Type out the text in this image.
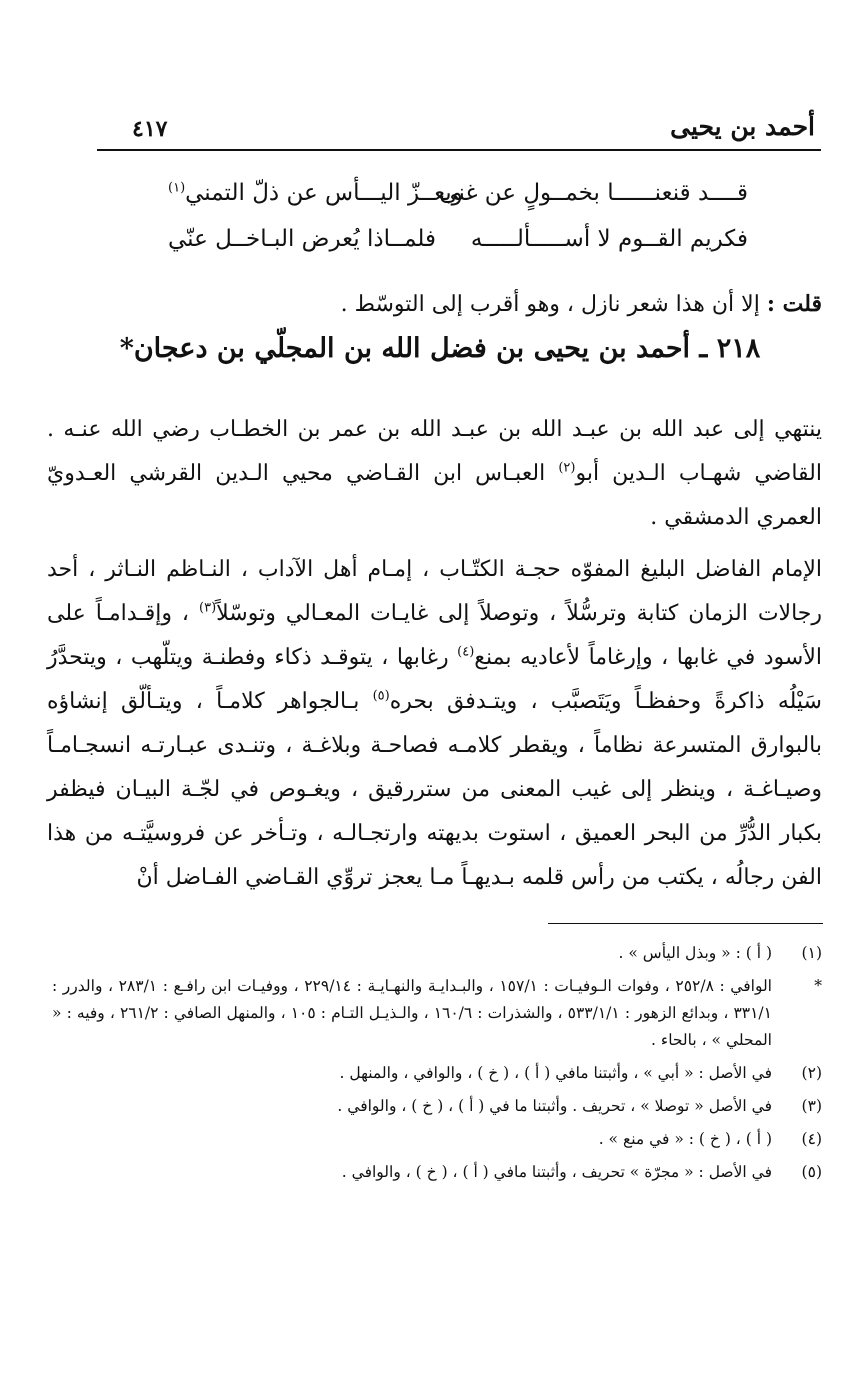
أحمد بن يحيى
٤١٧
قــــد قنعنــــــا بخمــولٍ عن غنى
وبعــزّ اليـــأس عن ذلّ التمني$^{(١)}$
فكريم القــوم لا أســـــألـــــه
فلمــاذا يُعرض البـاخــل عنّي
قلت : إلا أن هذا شعر نازل ، وهو أقرب إلى التوسّط .
٢١٨ ـ أحمد بن يحيى بن فضل الله بن المجلّي بن دعجان*
ينتهي إلى عبد الله بن عبـد الله بن عبـد الله بن عمر بن الخطـاب رضي الله عنـه . القاضي شهـاب الـدين أبو$^{(٢)}$ العبـاس ابن القـاضي محيي الـدين القرشي العـدويّ العمري الدمشقي .
الإمام الفاضل البليغ المفوّه حجـة الكتّـاب ، إمـام أهل الآداب ، النـاظم النـاثر ، أحد رجالات الزمان كتابة وترسُّلاً ، وتوصلاً إلى غايـات المعـالي وتوسّلاً$^{(٣)}$ ، وإقـدامـاً على الأسود في غابها ، وإرغاماً لأعاديه بمنع$^{(٤)}$ رغابها ، يتوقـد ذكاء وفطنـة ويتلّهب ، ويتحدَّرُ سَيْلُه ذاكرةً وحفظـاً ويَتَصبَّب ، ويتـدفق بحره$^{(٥)}$ بـالجواهر كلامـاً ، ويتـألّق إنشاؤه بالبوارق المتسرعة نظاماً ، ويقطر كلامـه فصاحـة وبلاغـة ، وتنـدى عبـارتـه انسجـامـاً وصيـاغـة ، وينظر إلى غيب المعنى من ستررقيق ، ويغـوص في لجّـة البيـان فيظفر بكبار الدُّرِّ من البحر العميق ، استوت بديهته وارتجـالـه ، وتـأخر عن فروسيَّتـه من هذا الفن رجالُه ، يكتب من رأس قلمه بـديهـاً مـا يعجز تروِّي القـاضي الفـاضل أنْ
(١)
( أ ) : « وبذل اليأس » .
*
الوافي : ٢٥٢/٨ ، وفوات الـوفيـات : ١٥٧/١ ، والبـدايـة والنهـايـة : ٢٢٩/١٤ ، ووفيـات ابن رافـع : ٢٨٣/١ ، والدرر : ٣٣١/١ ، وبدائع الزهور : ٥٣٣/١/١ ، والشذرات : ١٦٠/٦ ، والـذيـل التـام : ١٠٥ ، والمنهل الصافي : ٢٦١/٢ ، وفيه : « المحلي » ، بالحاء .
(٢)
في الأصل : « أبي » ، وأثبتنا مافي ( أ ) ، ( خ ) ، والوافي ، والمنهل .
(٣)
في الأصل « توصلا » ، تحريف . وأثبتنا ما في ( أ ) ، ( خ ) ، والوافي .
(٤)
( أ ) ، ( خ ) : « في منع » .
(٥)
في الأصل : « مجرّة » تحريف ، وأثبتنا مافي ( أ ) ، ( خ ) ، والوافي .
